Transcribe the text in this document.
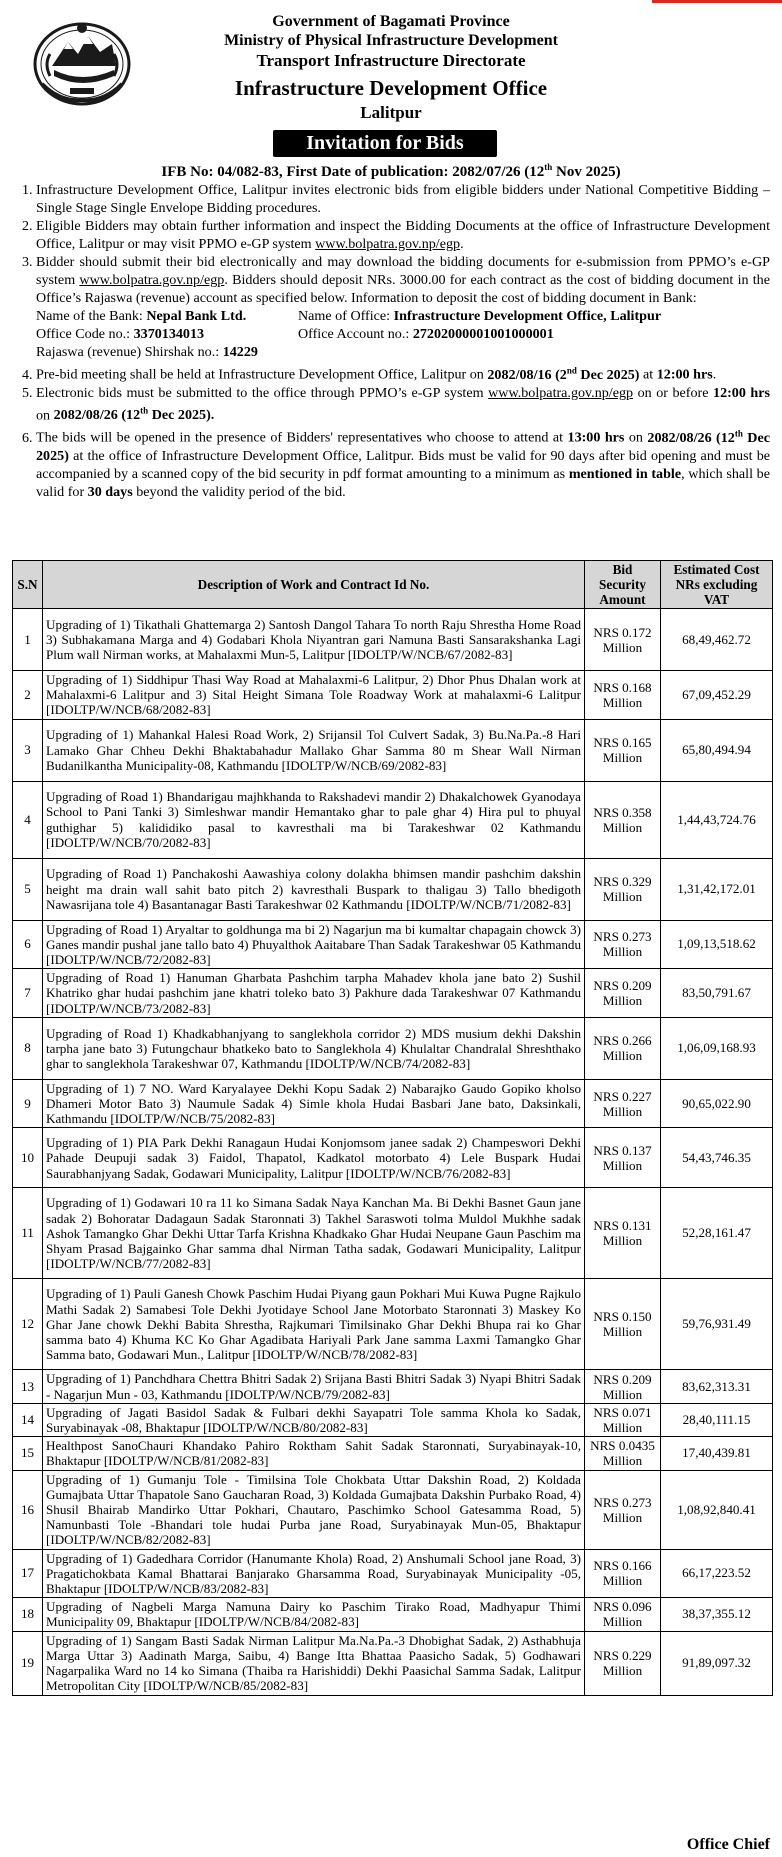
Government of Bagamati Province
Ministry of Physical Infrastructure Development
Transport Infrastructure Directorate
Infrastructure Development Office
Lalitpur
Invitation for Bids
IFB No: 04/082-83, First Date of publication: 2082/07/26 (12th Nov 2025)
1. Infrastructure Development Office, Lalitpur invites electronic bids from eligible bidders under National Competitive Bidding – Single Stage Single Envelope Bidding procedures.
2. Eligible Bidders may obtain further information and inspect the Bidding Documents at the office of Infrastructure Development Office, Lalitpur or may visit PPMO e-GP system www.bolpatra.gov.np/egp.
3. Bidder should submit their bid electronically and may download the bidding documents for e-submission from PPMO’s e-GP system www.bolpatra.gov.np/egp. Bidders should deposit NRs. 3000.00 for each contract as the cost of bidding document in the Office’s Rajaswa (revenue) account as specified below. Information to deposit the cost of bidding document in Bank:
Name of the Bank: Nepal Bank Ltd.	Name of Office: Infrastructure Development Office, Lalitpur
Office Code no.: 3370134013	Office Account no.: 27202000001001000001
Rajaswa (revenue) Shirshak no.: 14229
4. Pre-bid meeting shall be held at Infrastructure Development Office, Lalitpur on 2082/08/16 (2nd Dec 2025) at 12:00 hrs.
5. Electronic bids must be submitted to the office through PPMO’s e-GP system www.bolpatra.gov.np/egp on or before 12:00 hrs on 2082/08/26 (12th Dec 2025).
6. The bids will be opened in the presence of Bidders' representatives who choose to attend at 13:00 hrs on 2082/08/26 (12th Dec 2025) at the office of Infrastructure Development Office, Lalitpur. Bids must be valid for 90 days after bid opening and must be accompanied by a scanned copy of the bid security in pdf format amounting to a minimum as mentioned in table, which shall be valid for 30 days beyond the validity period of the bid.
S.N	Description of Work and Contract Id No.	Bid Security Amount	Estimated Cost NRs excluding VAT
1	Upgrading of 1) Tikathali Ghattemarga 2) Santosh Dangol Tahara To north Raju Shrestha Home Road 3) Subhakamana Marga and 4) Godabari Khola Niyantran gari Namuna Basti Sansarakshanka Lagi Plum wall Nirman works, at Mahalaxmi Mun-5, Lalitpur [IDOLTP/W/NCB/67/2082-83]	NRS 0.172 Million	68,49,462.72
2	Upgrading of 1) Siddhipur Thasi Way Road at Mahalaxmi-6 Lalitpur, 2) Dhor Phus Dhalan work at Mahalaxmi-6 Lalitpur and 3) Sital Height Simana Tole Roadway Work at mahalaxmi-6 Lalitpur [IDOLTP/W/NCB/68/2082-83]	NRS 0.168 Million	67,09,452.29
3	Upgrading of 1) Mahankal Halesi Road Work, 2) Srijansil Tol Culvert Sadak, 3) Bu.Na.Pa.-8 Hari Lamako Ghar Chheu Dekhi Bhaktabahadur Mallako Ghar Samma 80 m Shear Wall Nirman Budanilkantha Municipality-08, Kathmandu [IDOLTP/W/NCB/69/2082-83]	NRS 0.165 Million	65,80,494.94
4	Upgrading of Road 1) Bhandarigau majhkhanda to Rakshadevi mandir 2) Dhakalchowek Gyanodaya School to Pani Tanki 3) Simleshwar mandir Hemantako ghar to pale ghar 4) Hira pul to phuyal guthighar 5) kalididiko pasal to kavresthali ma bi Tarakeshwar 02 Kathmandu [IDOLTP/W/NCB/70/2082-83]	NRS 0.358 Million	1,44,43,724.76
5	Upgrading of Road 1) Panchakoshi Aawashiya colony dolakha bhimsen mandir pashchim dakshin height ma drain wall sahit bato pitch 2) kavresthali Buspark to thaligau 3) Tallo bhedigoth Nawasrijana tole 4) Basantanagar Basti Tarakeshwar 02 Kathmandu [IDOLTP/W/NCB/71/2082-83]	NRS 0.329 Million	1,31,42,172.01
6	Upgrading of Road 1) Aryaltar to goldhunga ma bi 2) Nagarjun ma bi kumaltar chapagain chowck 3) Ganes mandir pushal jane tallo bato 4) Phuyalthok Aaitabare Than Sadak Tarakeshwar 05 Kathmandu [IDOLTP/W/NCB/72/2082-83]	NRS 0.273 Million	1,09,13,518.62
7	Upgrading of Road 1) Hanuman Gharbata Pashchim tarpha Mahadev khola jane bato 2) Sushil Khatriko ghar hudai pashchim jane khatri toleko bato 3) Pakhure dada Tarakeshwar 07 Kathmandu [IDOLTP/W/NCB/73/2082-83]	NRS 0.209 Million	83,50,791.67
8	Upgrading of Road 1) Khadkabhanjyang to sanglekhola corridor 2) MDS musium dekhi Dakshin tarpha jane bato 3) Futungchaur bhatkeko bato to Sanglekhola 4) Khulaltar Chandralal Shreshthako ghar to sanglekhola Tarakeshwar 07, Kathmandu [IDOLTP/W/NCB/74/2082-83]	NRS 0.266 Million	1,06,09,168.93
9	Upgrading of 1) 7 NO. Ward Karyalayee Dekhi Kopu Sadak 2) Nabarajko Gaudo Gopiko kholso Dhameri Motor Bato 3) Naumule Sadak 4) Simle khola Hudai Basbari Jane bato, Daksinkali, Kathmandu [IDOLTP/W/NCB/75/2082-83]	NRS 0.227 Million	90,65,022.90
10	Upgrading of 1) PIA Park Dekhi Ranagaun Hudai Konjomsom janee sadak 2) Champeswori Dekhi Pahade Deupuji sadak 3) Faidol, Thapatol, Kadkatol motorbato 4) Lele Buspark Hudai Saurabhanjyang Sadak, Godawari Municipality, Lalitpur [IDOLTP/W/NCB/76/2082-83]	NRS 0.137 Million	54,43,746.35
11	Upgrading of 1) Godawari 10 ra 11 ko Simana Sadak Naya Kanchan Ma. Bi Dekhi Basnet Gaun jane sadak 2) Bohoratar Dadagaun Sadak Staronnati 3) Takhel Saraswoti tolma Muldol Mukhhe sadak Ashok Tamangko Ghar Dekhi Uttar Tarfa Krishna Khadkako Ghar Hudai Neupane Gaun Paschim ma Shyam Prasad Bajgainko Ghar samma dhal Nirman Tatha sadak, Godawari Municipality, Lalitpur [IDOLTP/W/NCB/77/2082-83]	NRS 0.131 Million	52,28,161.47
12	Upgrading of 1) Pauli Ganesh Chowk Paschim Hudai Piyang gaun Pokhari Mui Kuwa Pugne Rajkulo Mathi Sadak 2) Samabesi Tole Dekhi Jyotidaye School Jane Motorbato Staronnati 3) Maskey Ko Ghar Jane chowk Dekhi Babita Shrestha, Rajkumari Timilsinako Ghar Dekhi Bhupa rai ko Ghar samma bato 4) Khuma KC Ko Ghar Agadibata Hariyali Park Jane samma Laxmi Tamangko Ghar Samma bato, Godawari Mun., Lalitpur [IDOLTP/W/NCB/78/2082-83]	NRS 0.150 Million	59,76,931.49
13	Upgrading of 1) Panchdhara Chettra Bhitri Sadak 2) Srijana Basti Bhitri Sadak 3) Nyapi Bhitri Sadak - Nagarjun Mun - 03, Kathmandu [IDOLTP/W/NCB/79/2082-83]	NRS 0.209 Million	83,62,313.31
14	Upgrading of Jagati Basidol Sadak & Fulbari dekhi Sayapatri Tole samma Khola ko Sadak, Suryabinayak -08, Bhaktapur [IDOLTP/W/NCB/80/2082-83]	NRS 0.071 Million	28,40,111.15
15	Healthpost SanoChauri Khandako Pahiro Roktham Sahit Sadak Staronnati, Suryabinayak-10, Bhaktapur [IDOLTP/W/NCB/81/2082-83]	NRS 0.0435 Million	17,40,439.81
16	Upgrading of 1) Gumanju Tole - Timilsina Tole Chokbata Uttar Dakshin Road, 2) Koldada Gumajbata Uttar Thapatole Sano Gaucharan Road, 3) Koldada Gumajbata Dakshin Purbako Road, 4) Shusil Bhairab Mandirko Uttar Pokhari, Chautaro, Paschimko School Gatesamma Road, 5) Namunbasti Tole -Bhandari tole hudai Purba jane Road, Suryabinayak Mun-05, Bhaktapur [IDOLTP/W/NCB/82/2082-83]	NRS 0.273 Million	1,08,92,840.41
17	Upgrading of 1) Gadedhara Corridor (Hanumante Khola) Road, 2) Anshumali School jane Road, 3) Pragatichokbata Kamal Bhattarai Banjarako Gharsamma Road, Suryabinayak Municipality -05, Bhaktapur [IDOLTP/W/NCB/83/2082-83]	NRS 0.166 Million	66,17,223.52
18	Upgrading of Nagbeli Marga Namuna Dairy ko Paschim Tirako Road, Madhyapur Thimi Municipality 09, Bhaktapur [IDOLTP/W/NCB/84/2082-83]	NRS 0.096 Million	38,37,355.12
19	Upgrading of 1) Sangam Basti Sadak Nirman Lalitpur Ma.Na.Pa.-3 Dhobighat Sadak, 2) Asthabhuja Marga Uttar 3) Aadinath Marga, Saibu, 4) Bange Itta Bhattaa Paasicho Sadak, 5) Godhawari Nagarpalika Ward no 14 ko Simana (Thaiba ra Harishiddi) Dekhi Paasichal Samma Sadak, Lalitpur Metropolitan City [IDOLTP/W/NCB/85/2082-83]	NRS 0.229 Million	91,89,097.32
Office Chief
